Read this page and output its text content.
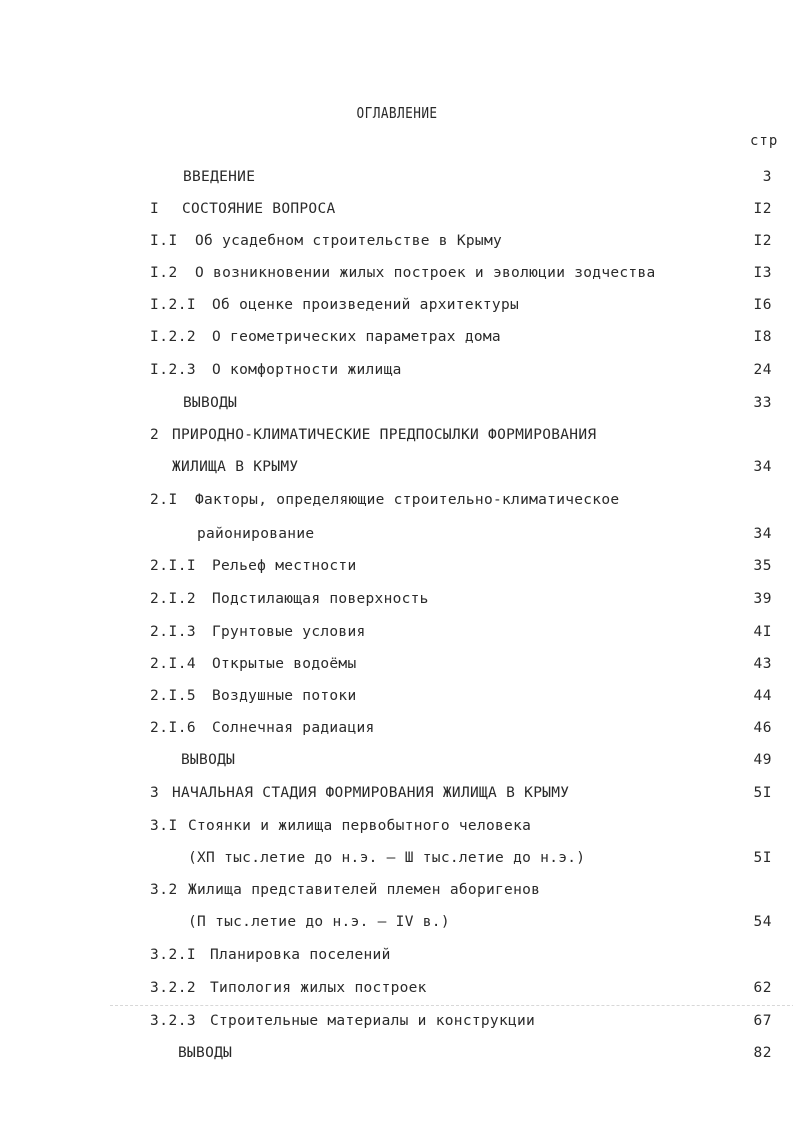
ОГЛАВЛЕНИЕ
стр
ВВЕДЕНИЕ	3
I СОСТОЯНИЕ ВОПРОСА	I2
I.I Об усадебном строительстве в Крыму	I2
I.2 О возникновении жилых построек и эволюции зодчества	I3
I.2.I Об оценке произведений архитектуры	I6
I.2.2 О геометрических параметрах дома	I8
I.2.3 О комфортности жилища	24
ВЫВОДЫ	33
2 ПРИРОДНО-КЛИМАТИЧЕСКИЕ ПРЕДПОСЫЛКИ ФОРМИРОВАНИЯ
ЖИЛИЩА В КРЫМУ	34
2.I Факторы, определяющие строительно-климатическое
районирование	34
2.I.I Рельеф местности	35
2.I.2 Подстилающая поверхность	39
2.I.3 Грунтовые условия	4I
2.I.4 Открытые водоёмы	43
2.I.5 Воздушные потоки	44
2.I.6 Солнечная радиация	46
ВЫВОДЫ	49
3 НАЧАЛЬНАЯ СТАДИЯ ФОРМИРОВАНИЯ ЖИЛИЩА В КРЫМУ	5I
3.I Стоянки и жилища первобытного человека
(ХП тыс.летие до н.э. – Ш тыс.летие до н.э.)	5I
3.2 Жилища представителей племен аборигенов
(П тыс.летие до н.э. – IV в.)	54
3.2.I Планировка поселений
3.2.2 Типология жилых построек	62
3.2.3 Строительные материалы и конструкции	67
ВЫВОДЫ	82
